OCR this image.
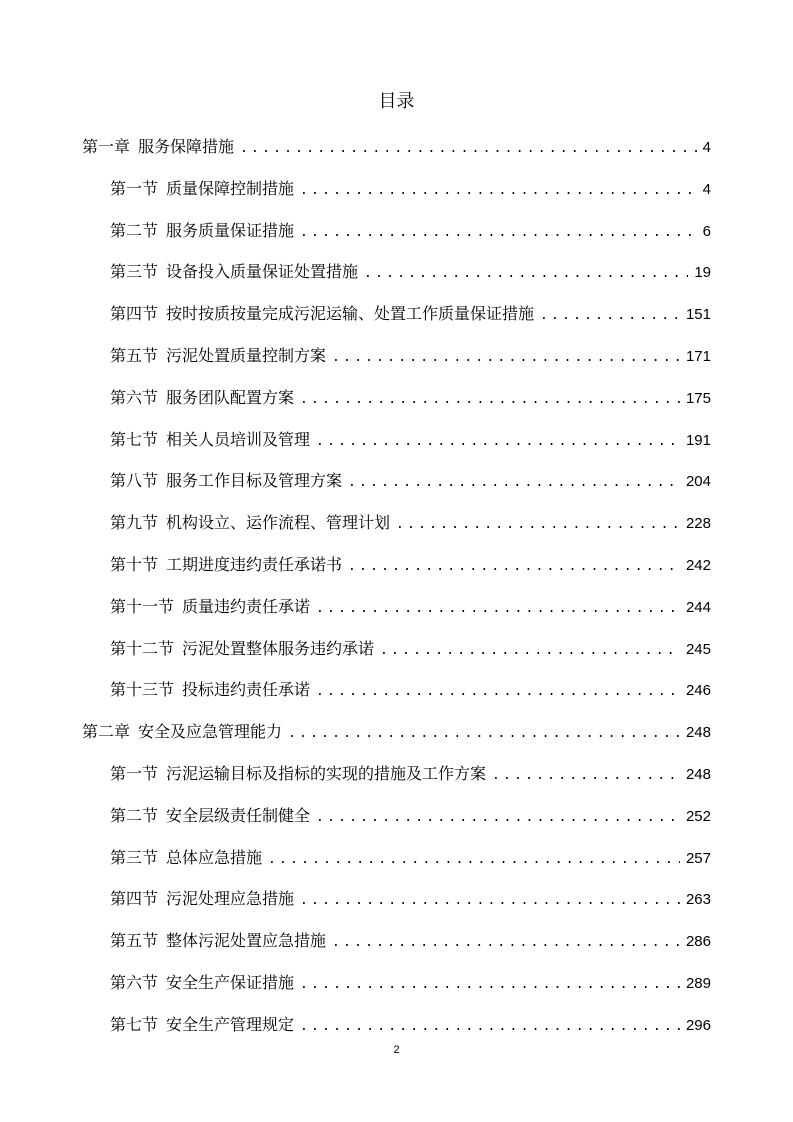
目录
第一章 服务保障措施 .....	4
第一节 质量保障控制措施 .....	4
第二节 服务质量保证措施 .....	6
第三节 设备投入质量保证处置措施 .....	19
第四节 按时按质按量完成污泥运输、处置工作质量保证措施 .....	151
第五节 污泥处置质量控制方案 .....	171
第六节 服务团队配置方案 .....	175
第七节 相关人员培训及管理 .....	191
第八节 服务工作目标及管理方案 .....	204
第九节 机构设立、运作流程、管理计划 .....	228
第十节 工期进度违约责任承诺书 .....	242
第十一节 质量违约责任承诺 .....	244
第十二节 污泥处置整体服务违约承诺 .....	245
第十三节 投标违约责任承诺 .....	246
第二章 安全及应急管理能力 .....	248
第一节 污泥运输目标及指标的实现的措施及工作方案 .....	248
第二节 安全层级责任制健全 .....	252
第三节 总体应急措施 .....	257
第四节 污泥处理应急措施 .....	263
第五节 整体污泥处置应急措施 .....	286
第六节 安全生产保证措施 .....	289
第七节 安全生产管理规定 .....	296
2
